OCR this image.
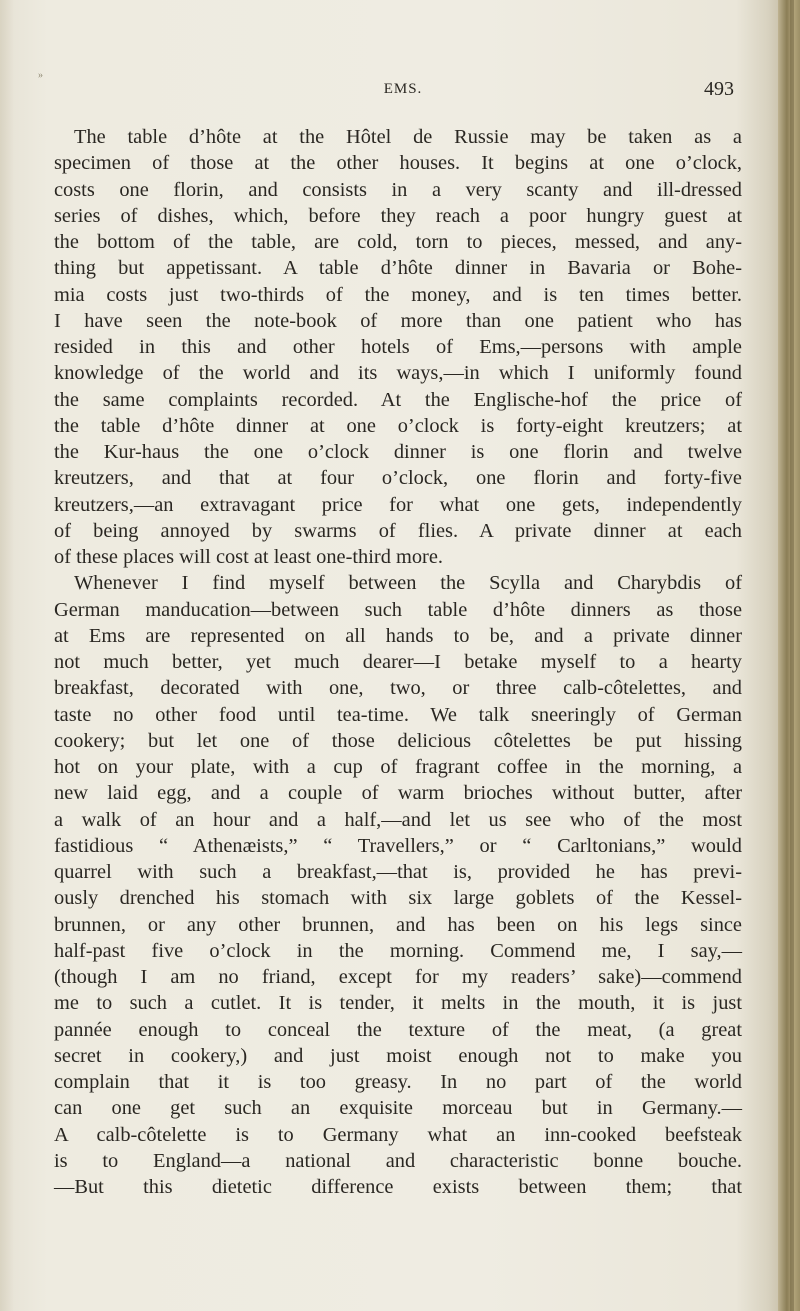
»
EMS.	493
The table d’hôte at the Hôtel de Russie may be taken as a
specimen of those at the other houses. It begins at one o’clock,
costs one florin, and consists in a very scanty and ill-dressed
series of dishes, which, before they reach a poor hungry guest at
the bottom of the table, are cold, torn to pieces, messed, and any-
thing but appetissant. A table d’hôte dinner in Bavaria or Bohe-
mia costs just two-thirds of the money, and is ten times better.
I have seen the note-book of more than one patient who has
resided in this and other hotels of Ems,—persons with ample
knowledge of the world and its ways,—in which I uniformly found
the same complaints recorded. At the Englische-hof the price of
the table d’hôte dinner at one o’clock is forty-eight kreutzers; at
the Kur-haus the one o’clock dinner is one florin and twelve
kreutzers, and that at four o’clock, one florin and forty-five
kreutzers,—an extravagant price for what one gets, independently
of being annoyed by swarms of flies. A private dinner at each
of these places will cost at least one-third more.
Whenever I find myself between the Scylla and Charybdis of
German manducation—between such table d’hôte dinners as those
at Ems are represented on all hands to be, and a private dinner
not much better, yet much dearer—I betake myself to a hearty
breakfast, decorated with one, two, or three calb-côtelettes, and
taste no other food until tea-time. We talk sneeringly of German
cookery; but let one of those delicious côtelettes be put hissing
hot on your plate, with a cup of fragrant coffee in the morning, a
new laid egg, and a couple of warm brioches without butter, after
a walk of an hour and a half,—and let us see who of the most
fastidious “ Athenæists,” “ Travellers,” or “ Carltonians,” would
quarrel with such a breakfast,—that is, provided he has previ-
ously drenched his stomach with six large goblets of the Kessel-
brunnen, or any other brunnen, and has been on his legs since
half-past five o’clock in the morning. Commend me, I say,—
(though I am no friand, except for my readers’ sake)—commend
me to such a cutlet. It is tender, it melts in the mouth, it is just
pannée enough to conceal the texture of the meat, (a great
secret in cookery,) and just moist enough not to make you
complain that it is too greasy. In no part of the world
can one get such an exquisite morceau but in Germany.—
A calb-côtelette is to Germany what an inn-cooked beefsteak
is to England—a national and characteristic bonne bouche.
—But this dietetic difference exists between them; that
